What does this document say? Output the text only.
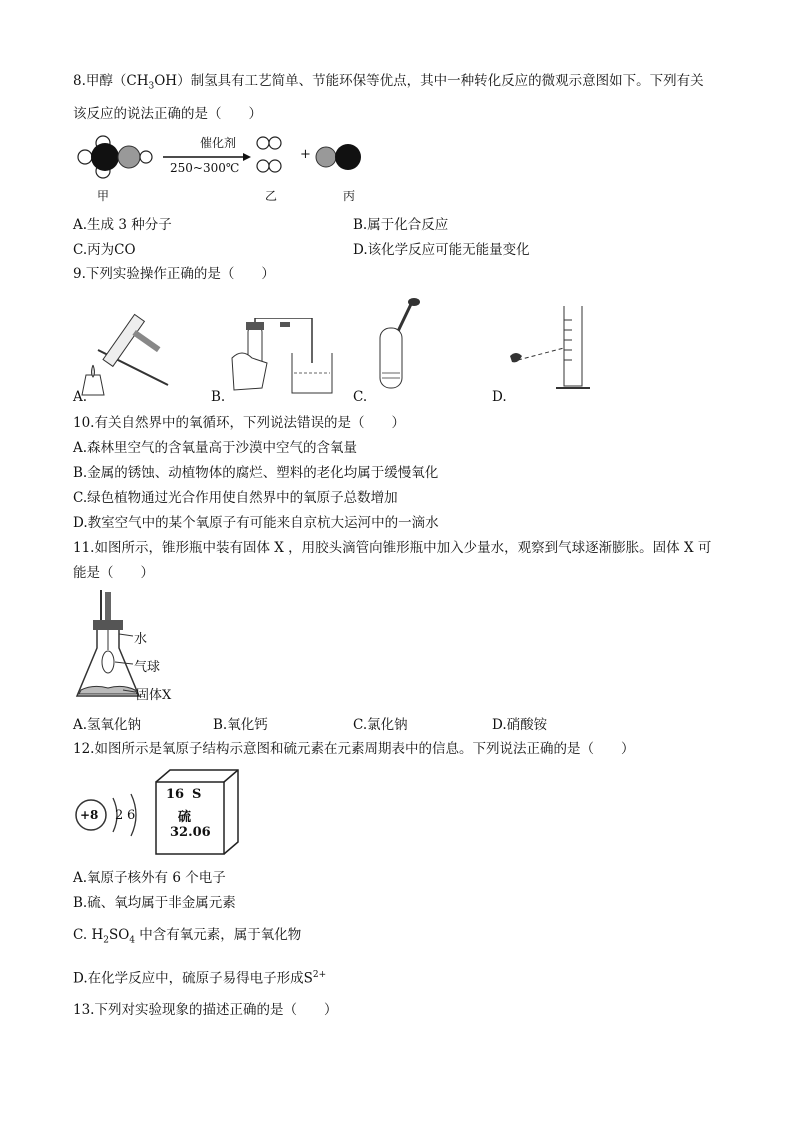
8.甲醇$(CH_3OH)$制氢具有工艺简单、节能环保等优点，其中一种转化反应的微观示意图如下。下列有关
该反应的说法正确的是（　　）
催化剂
250~300℃
+
甲	乙	丙
A.生成 3 种分子	B.属于化合反应
C.丙为CO	D.该化学反应可能无能量变化
9.下列实验操作正确的是（　　）
A.	B.	C.	D.
10.有关自然界中的氧循环，下列说法错误的是（　　）
A.森林里空气的含氧量高于沙漠中空气的含氧量
B.金属的锈蚀、动植物体的腐烂、塑料的老化均属于缓慢氧化
C.绿色植物通过光合作用使自然界中的氧原子总数增加
D.教室空气中的某个氧原子有可能来自京杭大运河中的一滴水
11.如图所示，锥形瓶中装有固体 X ，用胶头滴管向锥形瓶中加入少量水，观察到气球逐渐膨胀。固体 X 可
能是（　　）
水
气球
固体X
A.氢氧化钠	B.氧化钙	C.氯化钠	D.硝酸铵
12.如图所示是氧原子结构示意图和硫元素在元素周期表中的信息。下列说法正确的是（　　）
+8 2 6
16 S
硫
32.06
A.氧原子核外有 6 个电子
B.硫、氧均属于非金属元素
C. $H_2SO_4$ 中含有氧元素，属于氧化物
D.在化学反应中，硫原子易得电子形成$S^{2+}$
13.下列对实验现象的描述正确的是（　　）
